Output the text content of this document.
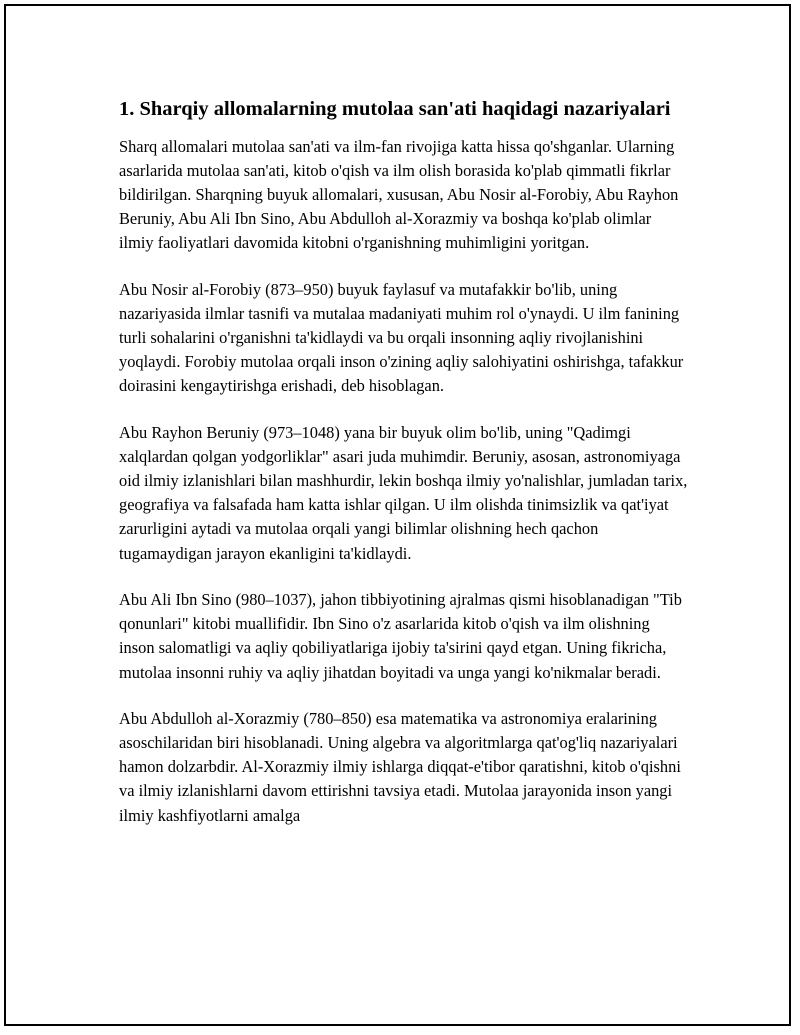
1. Sharqiy allomalarning mutolaa san'ati haqidagi nazariyalari

Sharq allomalari mutolaa san'ati va ilm-fan rivojiga katta hissa qo'shganlar. Ularning asarlarida mutolaa san'ati, kitob o'qish va ilm olish borasida ko'plab qimmatli fikrlar bildirilgan. Sharqning buyuk allomalari, xususan, Abu Nosir al-Forobiy, Abu Rayhon Beruniy, Abu Ali Ibn Sino, Abu Abdulloh al-Xorazmiy va boshqa ko'plab olimlar ilmiy faoliyatlari davomida kitobni o'rganishning muhimligini yoritgan.

Abu Nosir al-Forobiy (873–950) buyuk faylasuf va mutafakkir bo'lib, uning nazariyasida ilmlar tasnifi va mutalaa madaniyati muhim rol o'ynaydi. U ilm fanining turli sohalarini o'rganishni ta'kidlaydi va bu orqali insonning aqliy rivojlanishini yoqlaydi. Forobiy mutolaa orqali inson o'zining aqliy salohiyatini oshirishga, tafakkur doirasini kengaytirishga erishadi, deb hisoblagan.

Abu Rayhon Beruniy (973–1048) yana bir buyuk olim bo'lib, uning "Qadimgi xalqlardan qolgan yodgorliklar" asari juda muhimdir. Beruniy, asosan, astronomiyaga oid ilmiy izlanishlari bilan mashhurdir, lekin boshqa ilmiy yo'nalishlar, jumladan tarix, geografiya va falsafada ham katta ishlar qilgan. U ilm olishda tinimsizlik va qat'iyat zarurligini aytadi va mutolaa orqali yangi bilimlar olishning hech qachon tugamaydigan jarayon ekanligini ta'kidlaydi.

Abu Ali Ibn Sino (980–1037), jahon tibbiyotining ajralmas qismi hisoblanadigan "Tib qonunlari" kitobi muallifidir. Ibn Sino o'z asarlarida kitob o'qish va ilm olishning inson salomatligi va aqliy qobiliyatlariga ijobiy ta'sirini qayd etgan. Uning fikricha, mutolaa insonni ruhiy va aqliy jihatdan boyitadi va unga yangi ko'nikmalar beradi.

Abu Abdulloh al-Xorazmiy (780–850) esa matematika va astronomiya eralarining asoschilaridan biri hisoblanadi. Uning algebra va algoritmlarga qat'og'liq nazariyalari hamon dolzarbdir. Al-Xorazmiy ilmiy ishlarga diqqat-e'tibor qaratishni, kitob o'qishni va ilmiy izlanishlarni davom ettirishni tavsiya etadi. Mutolaa jarayonida inson yangi ilmiy kashfiyotlarni amalga
